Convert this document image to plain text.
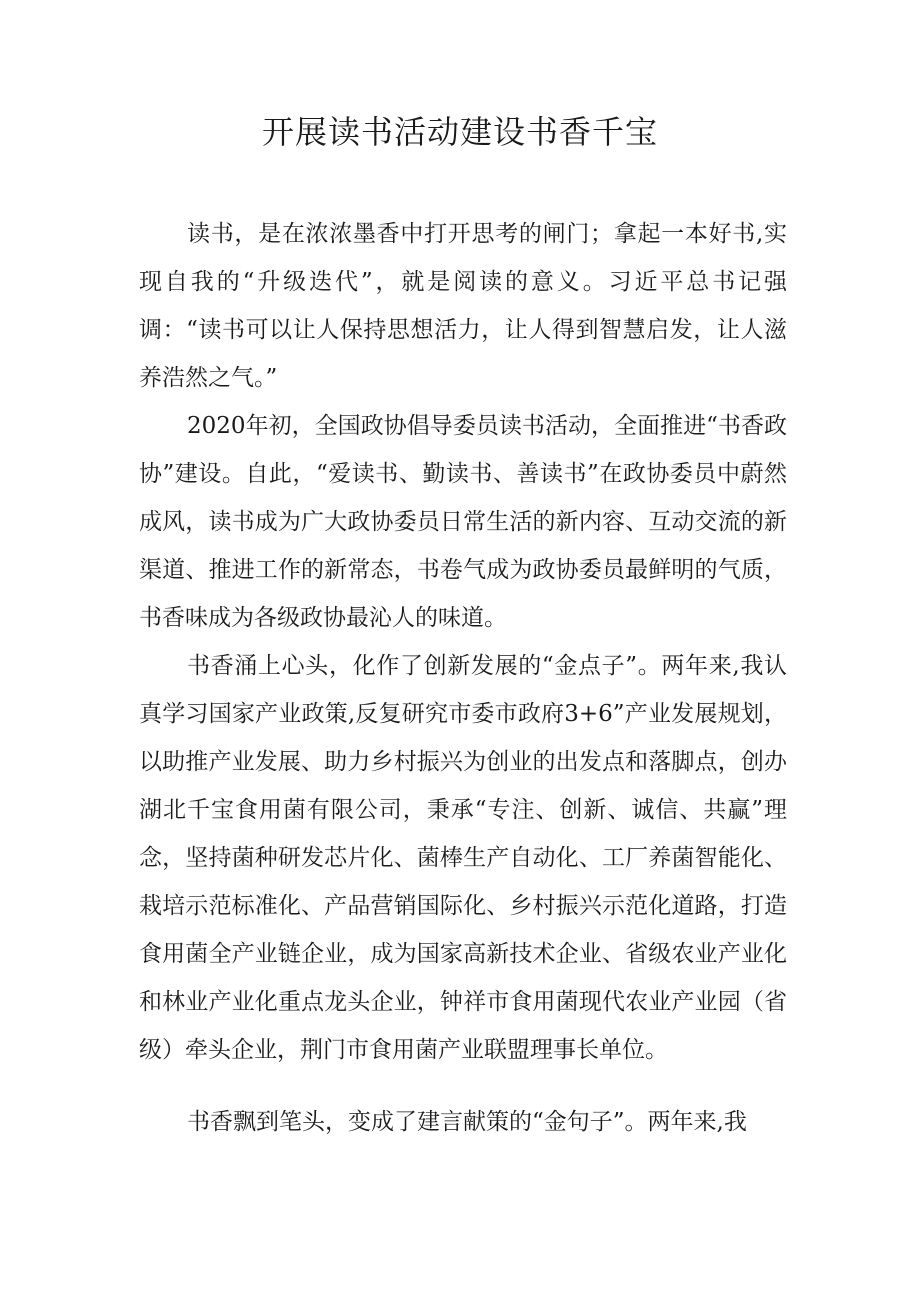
开展读书活动建设书香千宝

读书，是在浓浓墨香中打开思考的闸门；拿起一本好书,实现自我的“升级迭代”，就是阅读的意义。习近平总书记强调：“读书可以让人保持思想活力，让人得到智慧启发，让人滋养浩然之气。”

2020年初，全国政协倡导委员读书活动，全面推进“书香政协”建设。自此，“爱读书、勤读书、善读书”在政协委员中蔚然成风，读书成为广大政协委员日常生活的新内容、互动交流的新渠道、推进工作的新常态，书卷气成为政协委员最鲜明的气质，书香味成为各级政协最沁人的味道。

书香涌上心头，化作了创新发展的“金点子”。两年来,我认真学习国家产业政策,反复研究市委市政府3+6”产业发展规划，以助推产业发展、助力乡村振兴为创业的出发点和落脚点，创办湖北千宝食用菌有限公司，秉承“专注、创新、诚信、共赢”理念，坚持菌种研发芯片化、菌棒生产自动化、工厂养菌智能化、栽培示范标准化、产品营销国际化、乡村振兴示范化道路，打造食用菌全产业链企业，成为国家高新技术企业、省级农业产业化和林业产业化重点龙头企业，钟祥市食用菌现代农业产业园（省级）牵头企业，荆门市食用菌产业联盟理事长单位。

书香飘到笔头，变成了建言献策的“金句子”。两年来,我
